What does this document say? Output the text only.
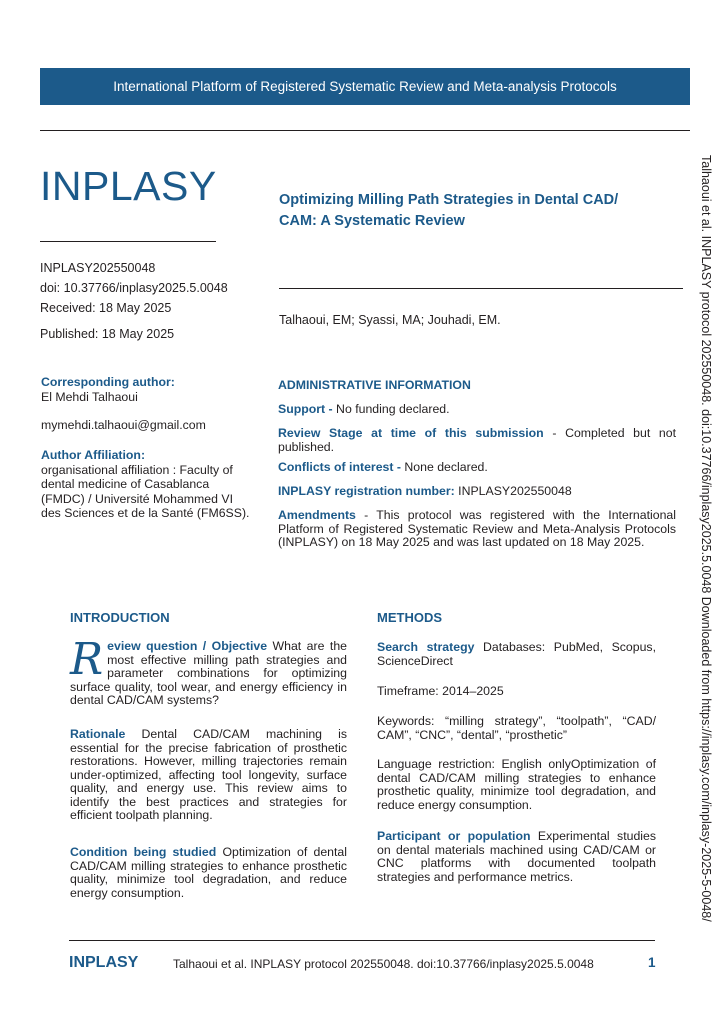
International Platform of Registered Systematic Review and Meta-analysis Protocols
INPLASY
INPLASY202550048
doi: 10.37766/inplasy2025.5.0048
Received: 18 May 2025
Published: 18 May 2025
Optimizing Milling Path Strategies in Dental CAD/ CAM: A Systematic Review
Talhaoui, EM; Syassi, MA; Jouhadi, EM.
Corresponding author:
El Mehdi Talhaoui
mymehdi.talhaoui@gmail.com
Author Affiliation:
organisational affiliation : Faculty of dental medicine of Casablanca (FMDC) / Université Mohammed VI des Sciences et de la Santé (FM6SS).
ADMINISTRATIVE INFORMATION
Support - No funding declared.
Review Stage at time of this submission - Completed but not published.
Conflicts of interest - None declared.
INPLASY registration number: INPLASY202550048
Amendments - This protocol was registered with the International Platform of Registered Systematic Review and Meta-Analysis Protocols (INPLASY) on 18 May 2025 and was last updated on 18 May 2025.
INTRODUCTION
Review question / Objective What are the most effective milling path strategies and parameter combinations for optimizing surface quality, tool wear, and energy efficiency in dental CAD/CAM systems?
Rationale Dental CAD/CAM machining is essential for the precise fabrication of prosthetic restorations. However, milling trajectories remain under-optimized, affecting tool longevity, surface quality, and energy use. This review aims to identify the best practices and strategies for efficient toolpath planning.
Condition being studied Optimization of dental CAD/CAM milling strategies to enhance prosthetic quality, minimize tool degradation, and reduce energy consumption.
METHODS
Search strategy Databases: PubMed, Scopus, ScienceDirect
Timeframe: 2014–2025
Keywords: “milling strategy”, “toolpath”, “CAD/ CAM”, “CNC”, “dental”, “prosthetic”
Language restriction: English onlyOptimization of dental CAD/CAM milling strategies to enhance prosthetic quality, minimize tool degradation, and reduce energy consumption.
Participant or population Experimental studies on dental materials machined using CAD/CAM or CNC platforms with documented toolpath strategies and performance metrics.	Talhaoui et al. INPLASY protocol 202550048. doi:10.37766/inplasy2025.5.0048 Downloaded from https://inplasy.com/inplasy-2025-5-0048/
INPLASY	Talhaoui et al. INPLASY protocol 202550048. doi:10.37766/inplasy2025.5.0048	1
